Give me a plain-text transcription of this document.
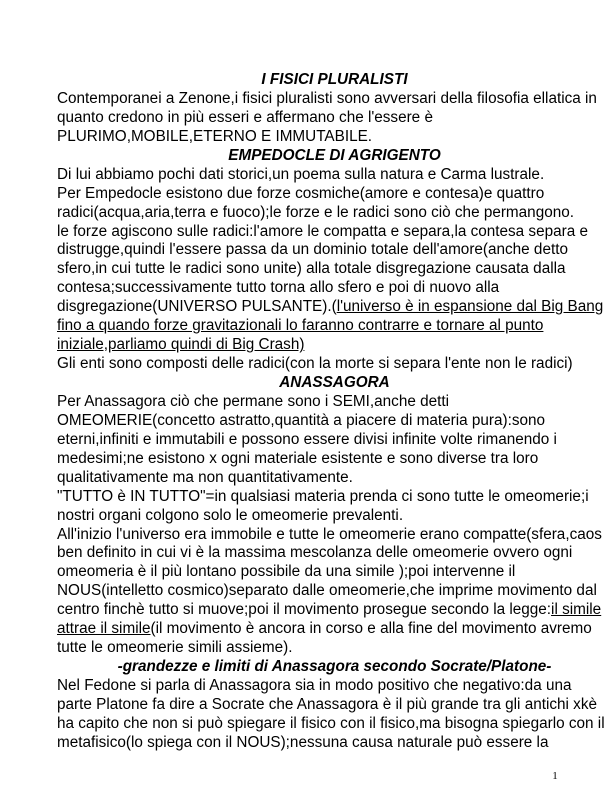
I FISICI PLURALISTI
Contemporanei a Zenone,i fisici pluralisti sono avversari della filosofia ellatica in
quanto credono in più esseri e affermano che l'essere è
PLURIMO,MOBILE,ETERNO E IMMUTABILE.
EMPEDOCLE DI AGRIGENTO
Di lui abbiamo pochi dati storici,un poema sulla natura e Carma lustrale.
Per Empedocle esistono due forze cosmiche(amore e contesa)e quattro
radici(acqua,aria,terra e fuoco);le forze e le radici sono ciò che permangono.
le forze agiscono sulle radici:l'amore le compatta e separa,la contesa separa e
distrugge,quindi l'essere passa da un dominio totale dell'amore(anche detto
sfero,in cui tutte le radici sono unite) alla totale disgregazione causata dalla
contesa;successivamente tutto torna allo sfero e poi di nuovo alla
disgregazione(UNIVERSO PULSANTE).(l'universo è in espansione dal Big Bang
fino a quando forze gravitazionali lo faranno contrarre e tornare al punto
iniziale,parliamo quindi di Big Crash)
Gli enti sono composti delle radici(con la morte si separa l'ente non le radici)
ANASSAGORA
Per Anassagora ciò che permane sono i SEMI,anche detti
OMEOMERIE(concetto astratto,quantità a piacere di materia pura):sono
eterni,infiniti e immutabili e possono essere divisi infinite volte rimanendo i
medesimi;ne esistono x ogni materiale esistente e sono diverse tra loro
qualitativamente ma non quantitativamente.
"TUTTO è IN TUTTO"=in qualsiasi materia prenda ci sono tutte le omeomerie;i
nostri organi colgono solo le omeomerie prevalenti.
All'inizio l'universo era immobile e tutte le omeomerie erano compatte(sfera,caos
ben definito in cui vi è la massima mescolanza delle omeomerie ovvero ogni
omeomeria è il più lontano possibile da una simile );poi intervenne il
NOUS(intelletto cosmico)separato dalle omeomerie,che imprime movimento dal
centro finchè tutto si muove;poi il movimento prosegue secondo la legge:il simile
attrae il simile(il movimento è ancora in corso e alla fine del movimento avremo
tutte le omeomerie simili assieme).
-grandezze e limiti di Anassagora secondo Socrate/Platone-
Nel Fedone si parla di Anassagora sia in modo positivo che negativo:da una
parte Platone fa dire a Socrate che Anassagora è il più grande tra gli antichi xkè
ha capito che non si può spiegare il fisico con il fisico,ma bisogna spiegarlo con il
metafisico(lo spiega con il NOUS);nessuna causa naturale può essere la
1
